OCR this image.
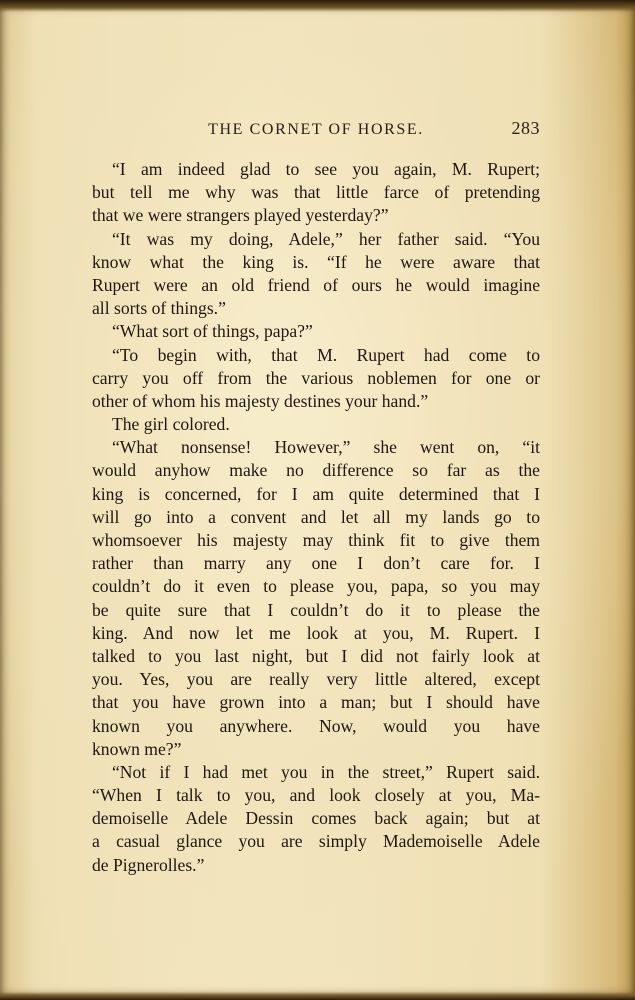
THE CORNET OF HORSE.	283
“I am indeed glad to see you again, M. Rupert;
but tell me why was that little farce of pretending
that we were strangers played yesterday?”
“It was my doing, Adele,” her father said. “You
know what the king is. “If he were aware that
Rupert were an old friend of ours he would imagine
all sorts of things.”
“What sort of things, papa?”
“To begin with, that M. Rupert had come to
carry you off from the various noblemen for one or
other of whom his majesty destines your hand.”
The girl colored.
“What nonsense! However,” she went on, “it
would anyhow make no difference so far as the
king is concerned, for I am quite determined that I
will go into a convent and let all my lands go to
whomsoever his majesty may think fit to give them
rather than marry any one I don’t care for. I
couldn’t do it even to please you, papa, so you may
be quite sure that I couldn’t do it to please the
king. And now let me look at you, M. Rupert. I
talked to you last night, but I did not fairly look at
you. Yes, you are really very little altered, except
that you have grown into a man; but I should have
known you anywhere. Now, would you have
known me?”
“Not if I had met you in the street,” Rupert said.
“When I talk to you, and look closely at you, Ma-
demoiselle Adele Dessin comes back again; but at
a casual glance you are simply Mademoiselle Adele
de Pignerolles.”
